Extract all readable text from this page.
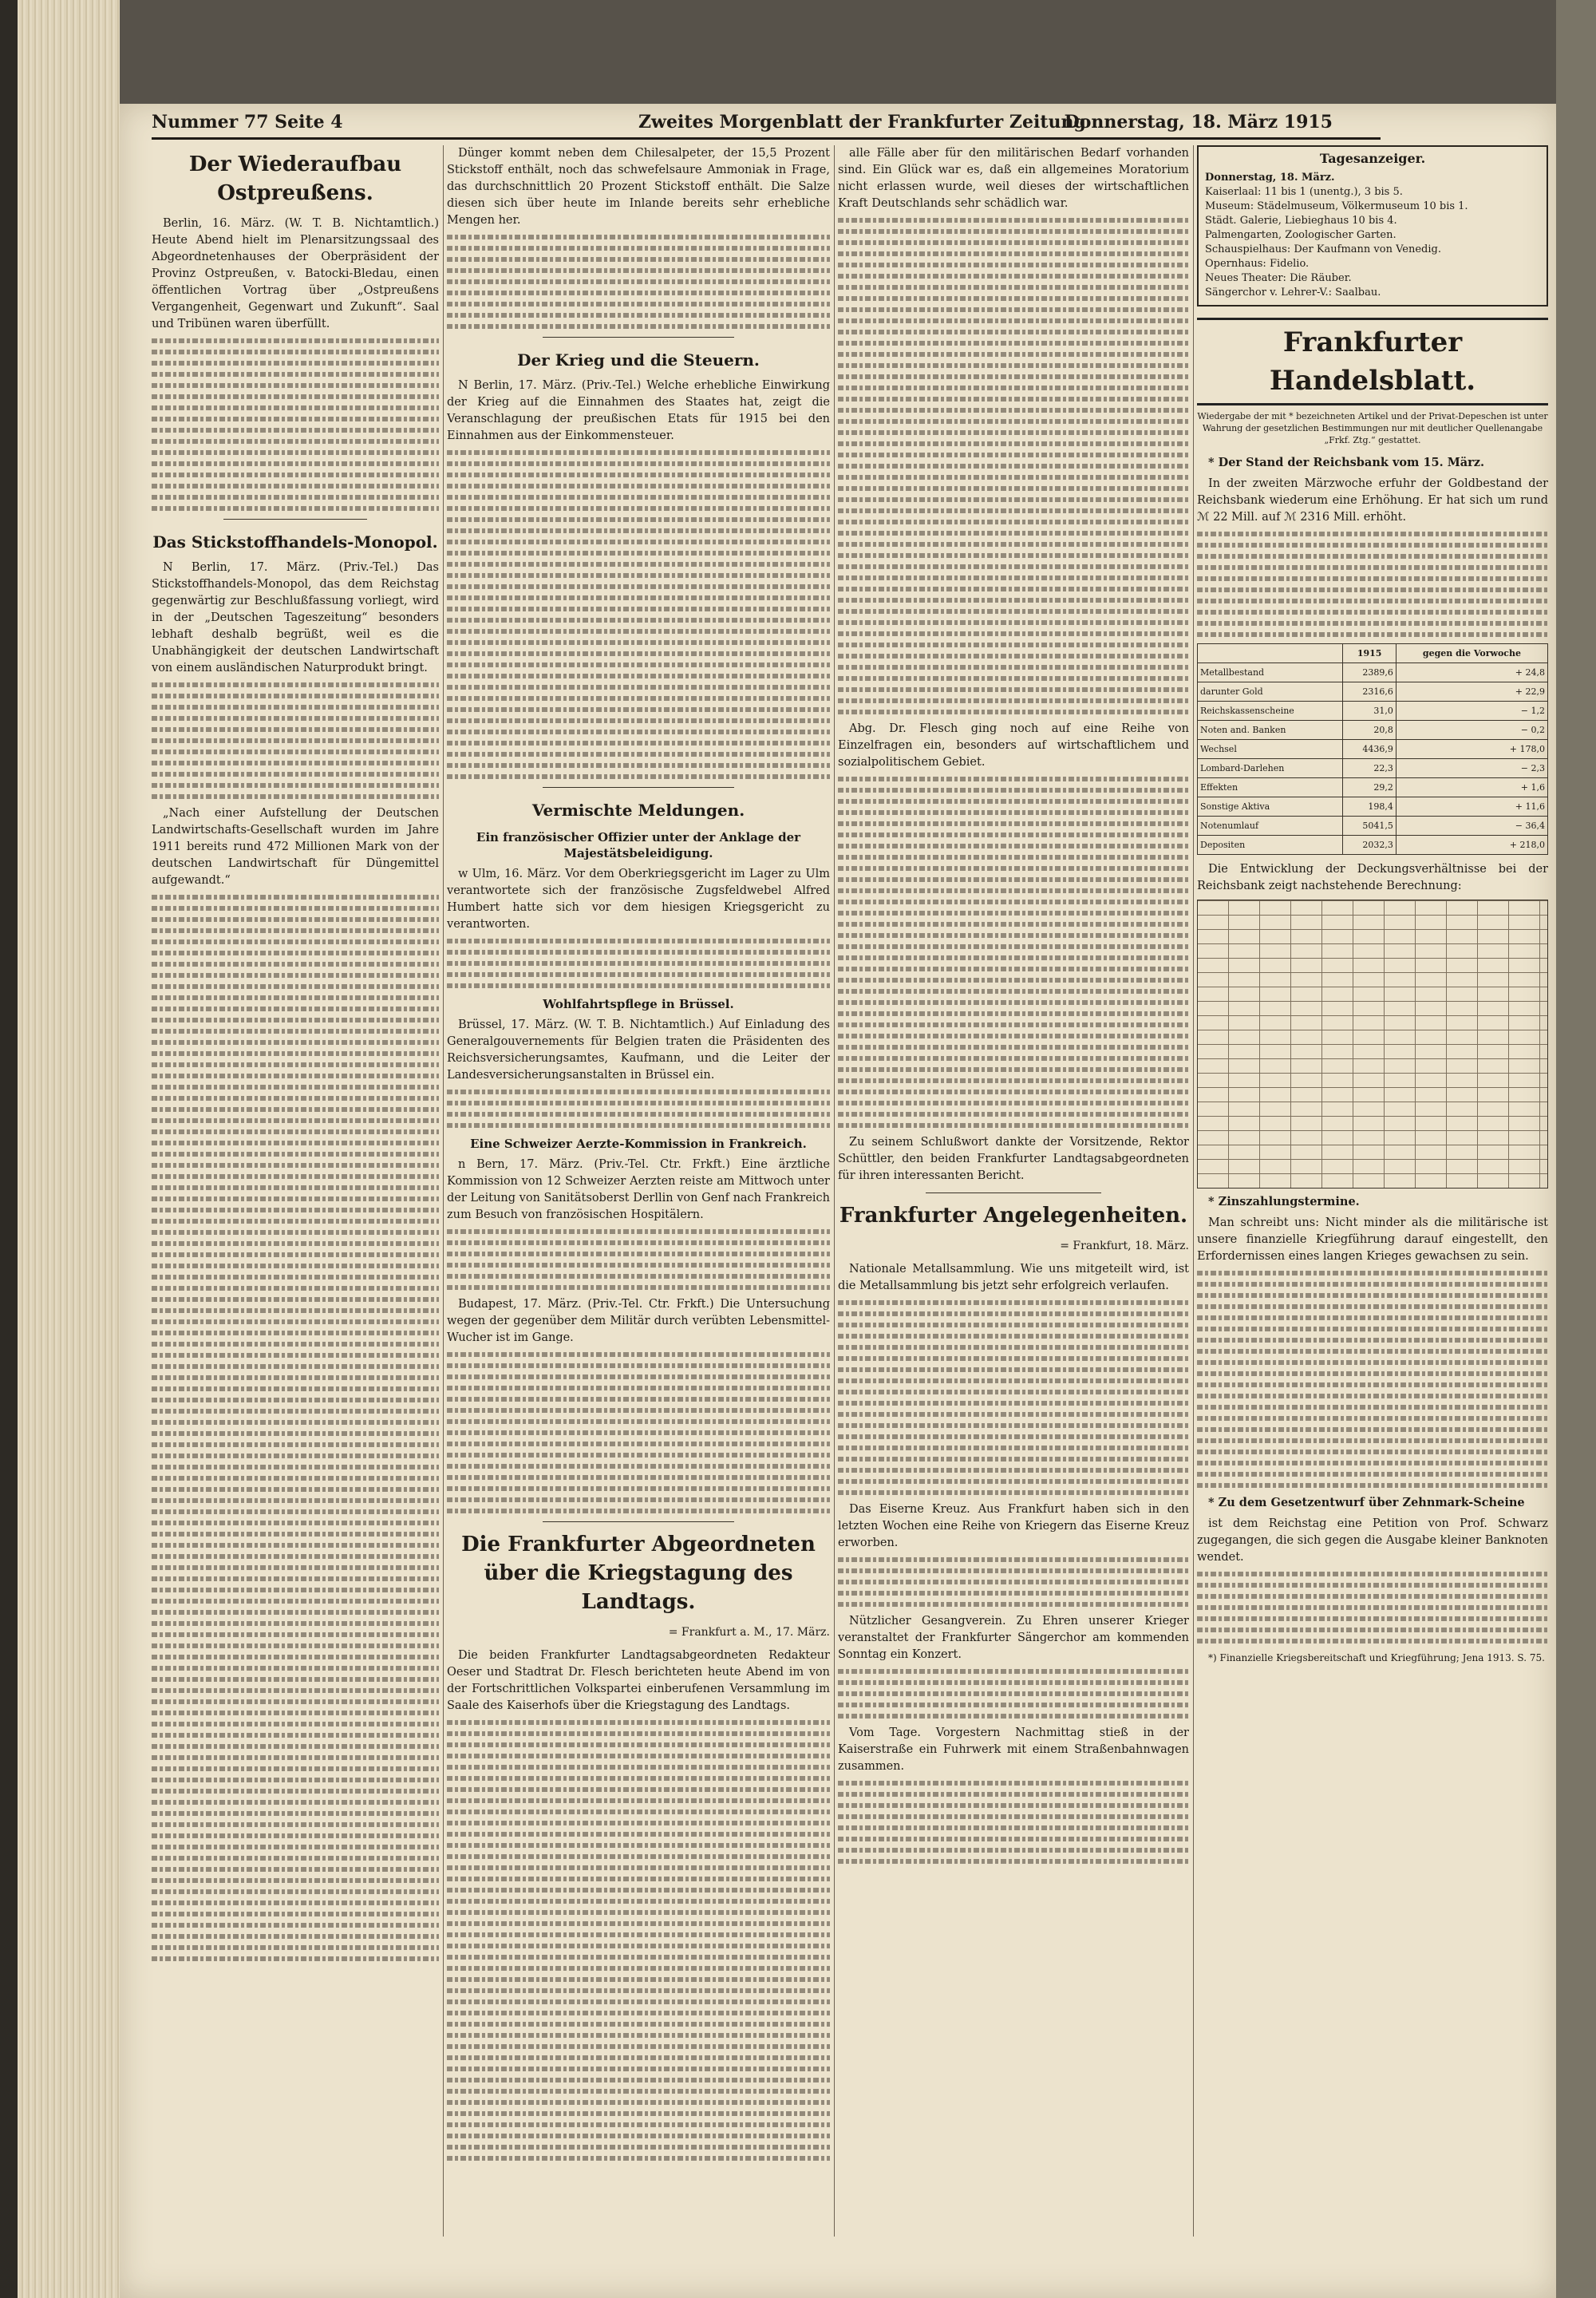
Nummer 77 Seite 4	Zweites Morgenblatt der Frankfurter Zeitung
Donnerstag, 18. März 1915
Der Wiederaufbau Ostpreußens.

Berlin, 16. März. (W. T. B. Nichtamtlich.) Heute Abend hielt im Plenarsitzungssaal des Abgeordnetenhauses der Oberpräsident der Provinz Ostpreußen, v. Batocki-Bledau, einen öffentlichen Vortrag über „Ostpreußens Vergangenheit, Gegenwart und Zukunft“. Saal und Tribünen waren überfüllt.

Das Stickstoffhandels-Monopol.

N Berlin, 17. März. (Priv.-Tel.) Das Stickstoffhandels-Monopol, das dem Reichstag gegenwärtig zur Beschlußfassung vorliegt, wird in der „Deutschen Tageszeitung“ besonders lebhaft deshalb begrüßt, weil es die Unabhängigkeit der deutschen Landwirtschaft von einem ausländischen Naturprodukt bringt.

„Nach einer Aufstellung der Deutschen Landwirtschafts-Gesellschaft wurden im Jahre 1911 bereits rund 472 Millionen Mark von der deutschen Landwirtschaft für Düngemittel aufgewandt.“

Dünger kommt neben dem Chilesalpeter, der 15,5 Prozent Stickstoff enthält, noch das schwefelsaure Ammoniak in Frage, das durchschnittlich 20 Prozent Stickstoff enthält. Die Salze diesen sich über heute im Inlande bereits sehr erhebliche Mengen her.

Der Krieg und die Steuern.

N Berlin, 17. März. (Priv.-Tel.) Welche erhebliche Einwirkung der Krieg auf die Einnahmen des Staates hat, zeigt die Veranschlagung der preußischen Etats für 1915 bei den Einnahmen aus der Einkommensteuer.

Vermischte Meldungen.
Ein französischer Offizier unter der Anklage der Majestätsbeleidigung.

w Ulm, 16. März. Vor dem Oberkriegsgericht im Lager zu Ulm verantwortete sich der französische Zugsfeldwebel Alfred Humbert hatte sich vor dem hiesigen Kriegsgericht zu verantworten.

Wohlfahrtspflege in Brüssel.

Brüssel, 17. März. (W. T. B. Nichtamtlich.) Auf Einladung des Generalgouvernements für Belgien traten die Präsidenten des Reichsversicherungsamtes, Kaufmann, und die Leiter der Landesversicherungsanstalten in Brüssel ein.

Eine Schweizer Aerzte-Kommission in Frankreich.

n Bern, 17. März. (Priv.-Tel. Ctr. Frkft.) Eine ärztliche Kommission von 12 Schweizer Aerzten reiste am Mittwoch unter der Leitung von Sanitätsoberst Derllin von Genf nach Frankreich zum Besuch von französischen Hospitälern.

Budapest, 17. März. (Priv.-Tel. Ctr. Frkft.) Die Untersuchung wegen der gegenüber dem Militär durch verübten Lebensmittel-Wucher ist im Gange.

Die Frankfurter Abgeordneten über die Kriegstagung des Landtags.
= Frankfurt a. M., 17. März.

Die beiden Frankfurter Landtagsabgeordneten Redakteur Oeser und Stadtrat Dr. Flesch berichteten heute Abend im von der Fortschrittlichen Volkspartei einberufenen Versammlung im Saale des Kaiserhofs über die Kriegstagung des Landtags.

alle Fälle aber für den militärischen Bedarf vorhanden sind. Ein Glück war es, daß ein allgemeines Moratorium nicht erlassen wurde, weil dieses der wirtschaftlichen Kraft Deutschlands sehr schädlich war.

Abg. Dr. Flesch ging noch auf eine Reihe von Einzelfragen ein, besonders auf wirtschaftlichem und sozialpolitischem Gebiet.

Zu seinem Schlußwort dankte der Vorsitzende, Rektor Schüttler, den beiden Frankfurter Landtagsabgeordneten für ihren interessanten Bericht.

Frankfurter Angelegenheiten.
= Frankfurt, 18. März.

Nationale Metallsammlung. Wie uns mitgeteilt wird, ist die Metallsammlung bis jetzt sehr erfolgreich verlaufen.

Das Eiserne Kreuz. Aus Frankfurt haben sich in den letzten Wochen eine Reihe von Kriegern das Eiserne Kreuz erworben.

Nützlicher Gesangverein. Zu Ehren unserer Krieger veranstaltet der Frankfurter Sängerchor am kommenden Sonntag ein Konzert.

Vom Tage. Vorgestern Nachmittag stieß in der Kaiserstraße ein Fuhrwerk mit einem Straßenbahnwagen zusammen.

Tagesanzeiger.
Donnerstag, 18. März.
Kaiserlaal: 11 bis 1 (unentg.), 3 bis 5.
Museum: Städelmuseum, Völkermuseum 10 bis 1.
Städt. Galerie, Liebieghaus 10 bis 4.
Palmengarten, Zoologischer Garten.
Schauspielhaus: Der Kaufmann von Venedig.
Opernhaus: Fidelio.
Neues Theater: Die Räuber.
Sängerchor v. Lehrer-V.: Saalbau.
Frankfurter Handelsblatt.
Wiedergabe der mit * bezeichneten Artikel und der Privat-Depeschen ist unter Wahrung der gesetzlichen Bestimmungen nur mit deutlicher Quellenangabe „Frkf. Ztg.“ gestattet.

* Der Stand der Reichsbank vom 15. März.

In der zweiten Märzwoche erfuhr der Goldbestand der Reichsbank wiederum eine Erhöhung. Er hat sich um rund ℳ 22 Mill. auf ℳ 2316 Mill. erhöht.

	1915	gegen die Vorwoche
Metallbestand	2389,6	+ 24,8
darunter Gold	2316,6	+ 22,9
Reichskassenscheine	31,0	− 1,2
Noten and. Banken	20,8	− 0,2
Wechsel	4436,9	+ 178,0
Lombard-Darlehen	22,3	− 2,3
Effekten	29,2	+ 1,6
Sonstige Aktiva	198,4	+ 11,6
Notenumlauf	5041,5	− 36,4
Depositen	2032,3	+ 218,0

Die Entwicklung der Deckungsverhältnisse bei der Reichsbank zeigt nachstehende Berechnung:

* Zinszahlungstermine.

Man schreibt uns: Nicht minder als die militärische ist unsere finanzielle Kriegführung darauf eingestellt, den Erfordernissen eines langen Krieges gewachsen zu sein.

* Zu dem Gesetzentwurf über Zehnmark-Scheine

ist dem Reichstag eine Petition von Prof. Schwarz zugegangen, die sich gegen die Ausgabe kleiner Banknoten wendet.

*) Finanzielle Kriegsbereitschaft und Kriegführung; Jena 1913. S. 75.
